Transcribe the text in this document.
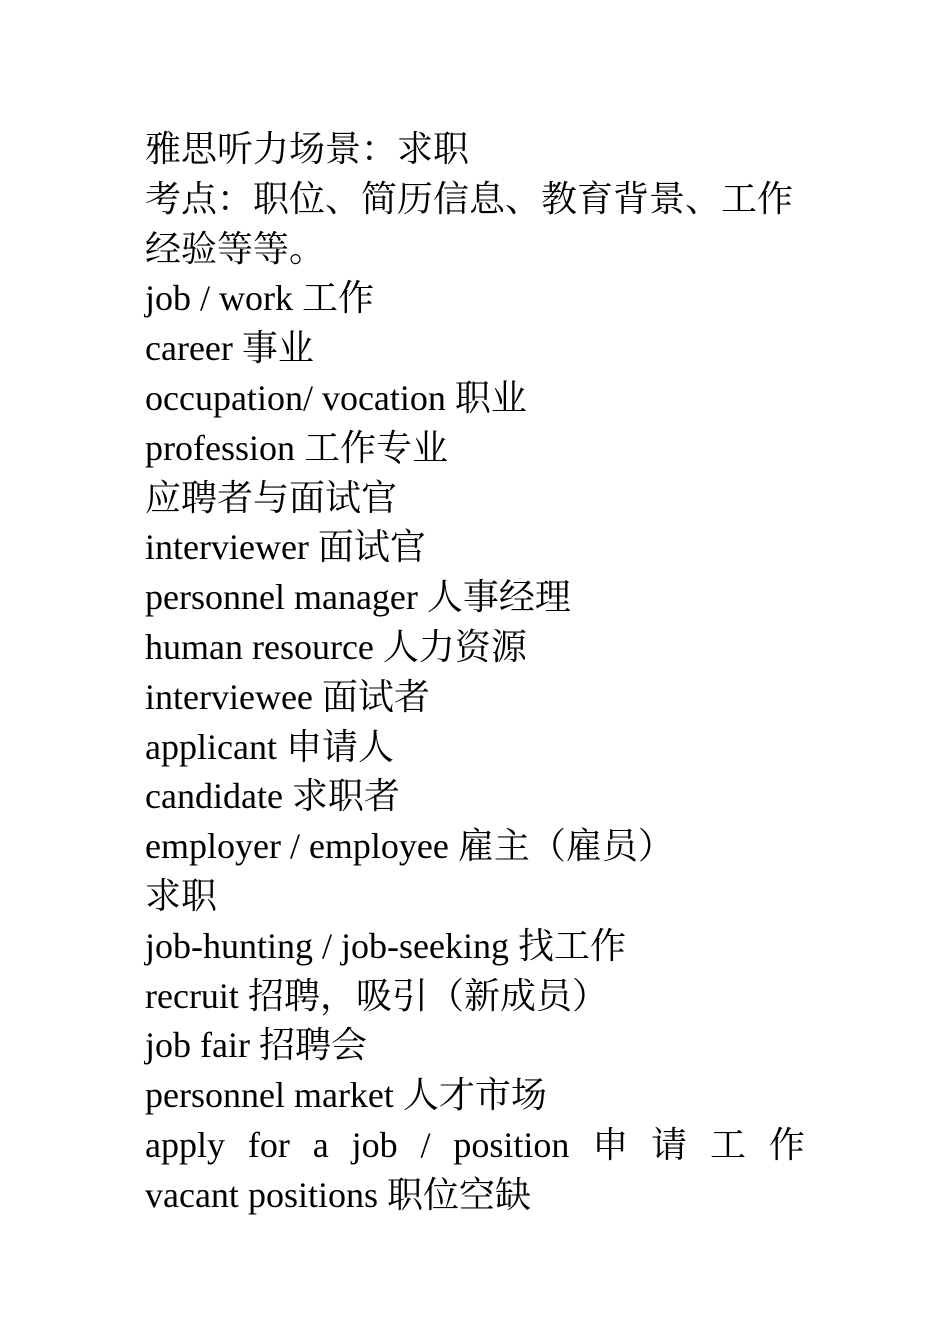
雅思听力场景：求职
考点：职位、简历信息、教育背景、工作经验等等。
job / work 工作
career 事业
occupation/ vocation 职业
profession 工作专业
应聘者与面试官
interviewer 面试官
personnel manager 人事经理
human resource 人力资源
interviewee 面试者
applicant 申请人
candidate 求职者
employer / employee 雇主（雇员）
求职
job-hunting / job-seeking 找工作
recruit 招聘，吸引（新成员）
job fair 招聘会
personnel market 人才市场
apply for a job / position 申 请 工 作
vacant positions 职位空缺
